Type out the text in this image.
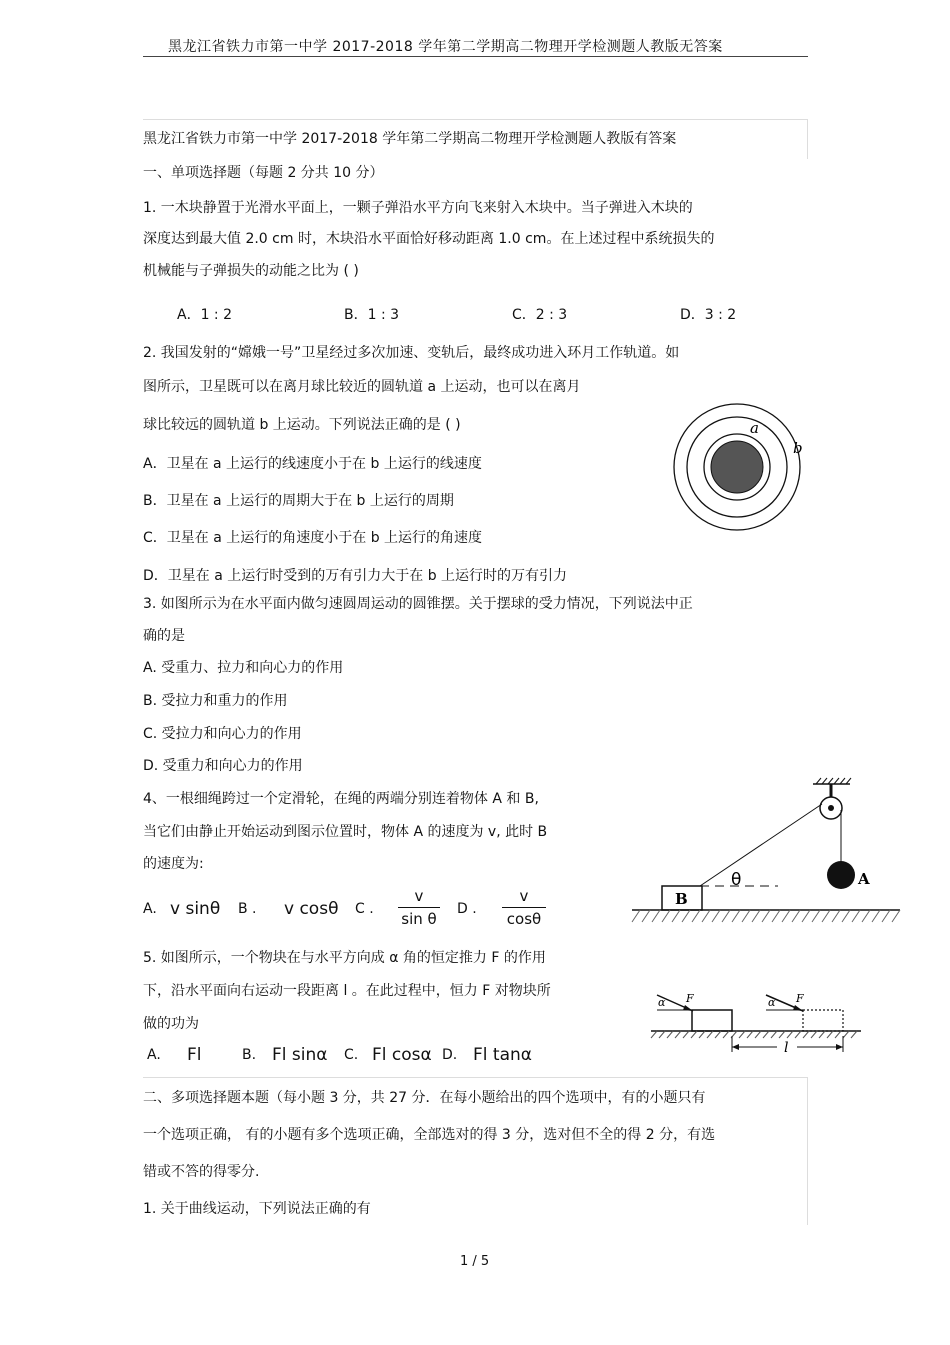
黑龙江省铁力市第一中学 2017-2018 学年第二学期高二物理开学检测题人教版无答案
黑龙江省铁力市第一中学 2017-2018 学年第二学期高二物理开学检测题人教版有答案
一、单项选择题（每题 2 分共 10 分）
1. 一木块静置于光滑水平面上，一颗子弹沿水平方向飞来射入木块中。当子弹进入木块的
深度达到最大值 2.0 cm 时，木块沿水平面恰好移动距离 1.0 cm。在上述过程中系统损失的
机械能与子弹损失的动能之比为 ( )
A．1 : 2	B．1 : 3	C．2 : 3	D．3 : 2
2. 我国发射的“嫦娥一号”卫星经过多次加速、变轨后，最终成功进入环月工作轨道。如
图所示，卫星既可以在离月球比较近的圆轨道 a 上运动，也可以在离月
球比较远的圆轨道 b 上运动。下列说法正确的是 ( )
A．卫星在 a 上运行的线速度小于在 b 上运行的线速度
B．卫星在 a 上运行的周期大于在 b 上运行的周期
C．卫星在 a 上运行的角速度小于在 b 上运行的角速度
D．卫星在 a 上运行时受到的万有引力大于在 b 上运行时的万有引力
a
b
3. 如图所示为在水平面内做匀速圆周运动的圆锥摆。关于摆球的受力情况，下列说法中正
确的是
A. 受重力、拉力和向心力的作用
B. 受拉力和重力的作用
C. 受拉力和向心力的作用
D. 受重力和向心力的作用
4、一根细绳跨过一个定滑轮，在绳的两端分别连着物体 A 和 B,
当它们由静止开始运动到图示位置时，物体 A 的速度为 v, 此时 B
的速度为:
A. v sinθ B . v cosθ C .
v
sin θ
D .
v
cosθ
A
θ
B
5. 如图所示，一个物块在与水平方向成 α 角的恒定推力 F 的作用
下，沿水平面向右运动一段距离 l 。在此过程中，恒力 F 对物块所
做的功为
A. Fl	B. Fl sinα C. Fl cosα D. Fl tanα
α F	α F
l
二、多项选择题本题（每小题 3 分，共 27 分．在每小题给出的四个选项中，有的小题只有
一个选项正确， 有的小题有多个选项正确，全部选对的得 3 分，选对但不全的得 2 分，有选
错或不答的得零分.
1. 关于曲线运动，下列说法正确的有
1 / 5
